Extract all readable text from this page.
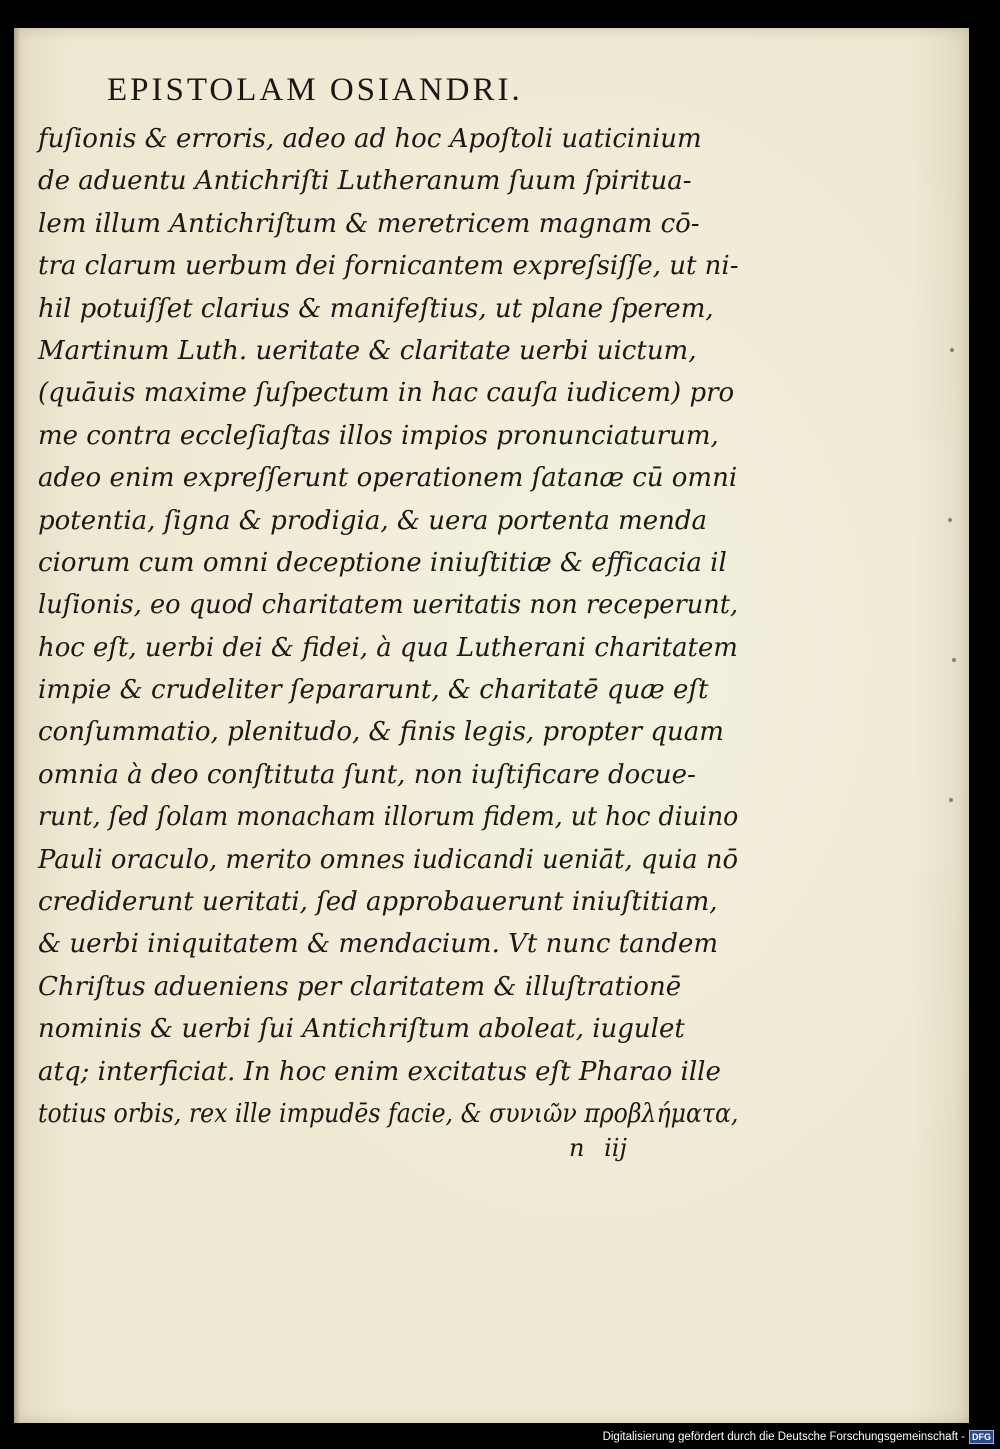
EPISTOLAM OSIANDRI.
fuſionis & erroris, adeo ad hoc Apoſtoli uaticinium
de aduentu Antichriſti Lutheranum ſuum ſpiritua-
lem illum Antichriſtum & meretricem magnam cō-
tra clarum uerbum dei fornicantem expreſsiſſe, ut ni-
hil potuiſſet clarius & manifeſtius, ut plane ſperem,
Martinum Luth. ueritate & claritate uerbi uictum,
(quāuis maxime ſuſpectum in hac cauſa iudicem) pro
me contra eccleſiaſtas illos impios pronunciaturum,
adeo enim expreſſerunt operationem ſatanæ cū omni
potentia, ſigna & prodigia, & uera portenta menda
ciorum cum omni deceptione iniuſtitiæ & efficacia il
luſionis, eo quod charitatem ueritatis non receperunt,
hoc eſt, uerbi dei & fidei, à qua Lutherani charitatem
impie & crudeliter ſepararunt, & charitatē quæ eſt
conſummatio, plenitudo, & finis legis, propter quam
omnia à deo conſtituta ſunt, non iuſtificare docue-
runt, ſed ſolam monacham illorum fidem, ut hoc diuino
Pauli oraculo, merito omnes iudicandi ueniāt, quia nō
crediderunt ueritati, ſed approbauerunt iniuſtitiam,
& uerbi iniquitatem & mendacium. Vt nunc tandem
Chriſtus adueniens per claritatem & illuſtrationē
nominis & uerbi ſui Antichriſtum aboleat, iugulet
atq; interficiat. In hoc enim excitatus eſt Pharao ille
totius orbis, rex ille impudēs facie, & συνιῶν προβλήματα,
n iij
Digitalisierung gefördert durch die Deutsche Forschungsgemeinschaft - DFG
